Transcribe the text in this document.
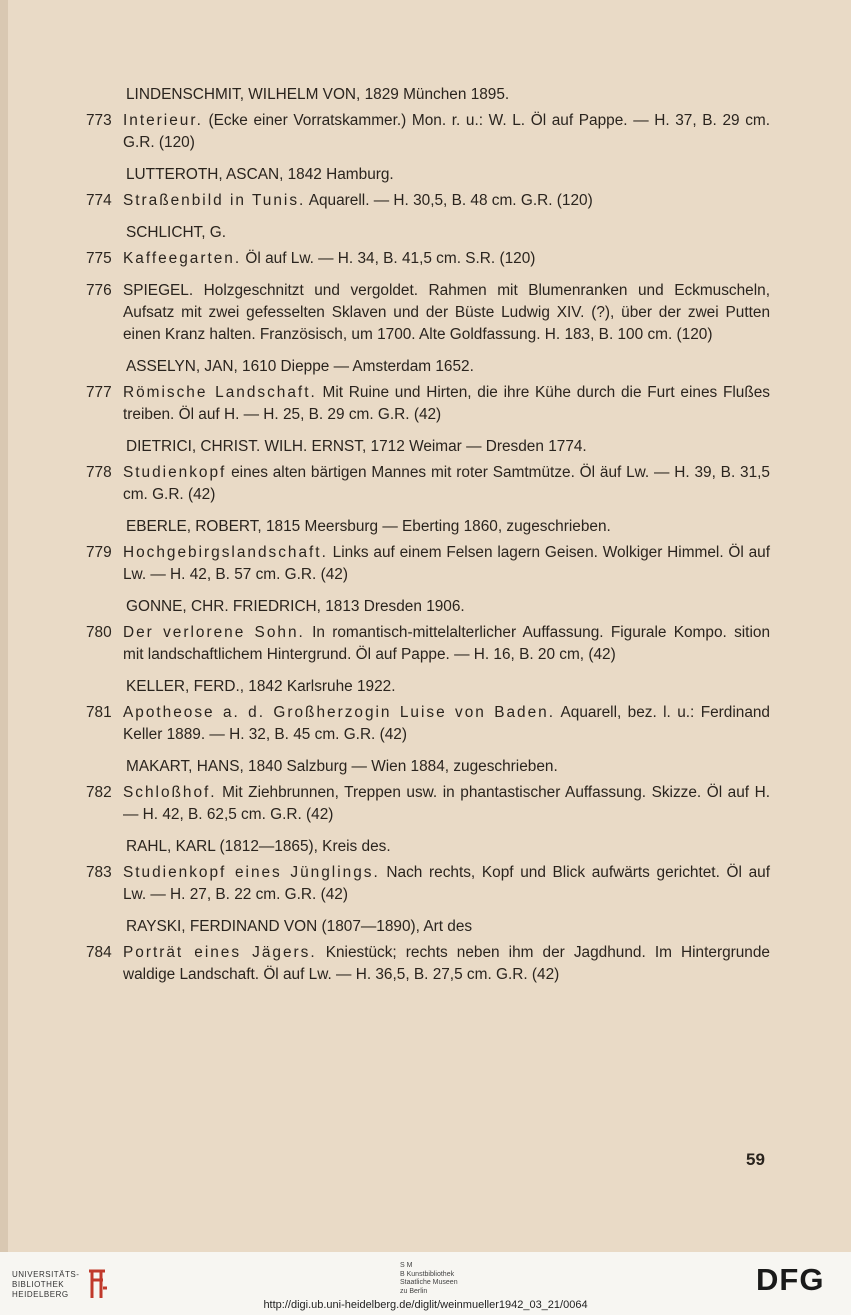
LINDENSCHMIT, WILHELM VON, 1829 München 1895.
773 Interieur. (Ecke einer Vorratskammer.) Mon. r. u.: W. L. Öl auf Pappe. — H. 37, B. 29 cm. G.R. (120)
LUTTEROTH, ASCAN, 1842 Hamburg.
774 Straßenbild in Tunis. Aquarell. — H. 30,5, B. 48 cm. G.R. (120)
SCHLICHT, G.
775 Kaffeegarten. Öl auf Lw. — H. 34, B. 41,5 cm. S.R. (120)
776 SPIEGEL. Holzgeschnitzt und vergoldet. Rahmen mit Blumenranken und Eckmuscheln, Aufsatz mit zwei gefesselten Sklaven und der Büste Ludwig XIV. (?), über der zwei Putten einen Kranz halten. Französisch, um 1700. Alte Goldfassung. H. 183, B. 100 cm. (120)
ASSELYN, JAN, 1610 Dieppe — Amsterdam 1652.
777 Römische Landschaft. Mit Ruine und Hirten, die ihre Kühe durch die Furt eines Flußes treiben. Öl auf H. — H. 25, B. 29 cm. G.R. (42)
DIETRICI, CHRIST. WILH. ERNST, 1712 Weimar — Dresden 1774.
778 Studienkopf eines alten bärtigen Mannes mit roter Samtmütze. Öl äuf Lw. — H. 39, B. 31,5 cm. G.R. (42)
EBERLE, ROBERT, 1815 Meersburg — Eberting 1860, zugeschrieben.
779 Hochgebirgslandschaft. Links auf einem Felsen lagern Geisen. Wolkiger Himmel. Öl auf Lw. — H. 42, B. 57 cm. G.R. (42)
GONNE, CHR. FRIEDRICH, 1813 Dresden 1906.
780 Der verlorene Sohn. In romantisch-mittelalterlicher Auffassung. Figurale Kompo. sition mit landschaftlichem Hintergrund. Öl auf Pappe. — H. 16, B. 20 cm, (42)
KELLER, FERD., 1842 Karlsruhe 1922.
781 Apotheose a. d. Großherzogin Luise von Baden. Aquarell, bez. l. u.: Ferdinand Keller 1889. — H. 32, B. 45 cm. G.R. (42)
MAKART, HANS, 1840 Salzburg — Wien 1884, zugeschrieben.
782 Schloßhof. Mit Ziehbrunnen, Treppen usw. in phantastischer Auffassung. Skizze. Öl auf H. — H. 42, B. 62,5 cm. G.R. (42)
RAHL, KARL (1812—1865), Kreis des.
783 Studienkopf eines Jünglings. Nach rechts, Kopf und Blick aufwärts gerichtet. Öl auf Lw. — H. 27, B. 22 cm. G.R. (42)
RAYSKI, FERDINAND VON (1807—1890), Art des
784 Porträt eines Jägers. Kniestück; rechts neben ihm der Jagdhund. Im Hintergrunde waldige Landschaft. Öl auf Lw. — H. 36,5, B. 27,5 cm. G.R. (42)
59
UNIVERSITÄTS-
BIBLIOTHEK
HEIDELBERG
S M
B Kunstbibliothek
Staatliche Museen
zu Berlin	DFG
http://digi.ub.uni-heidelberg.de/diglit/weinmueller1942_03_21/0064
